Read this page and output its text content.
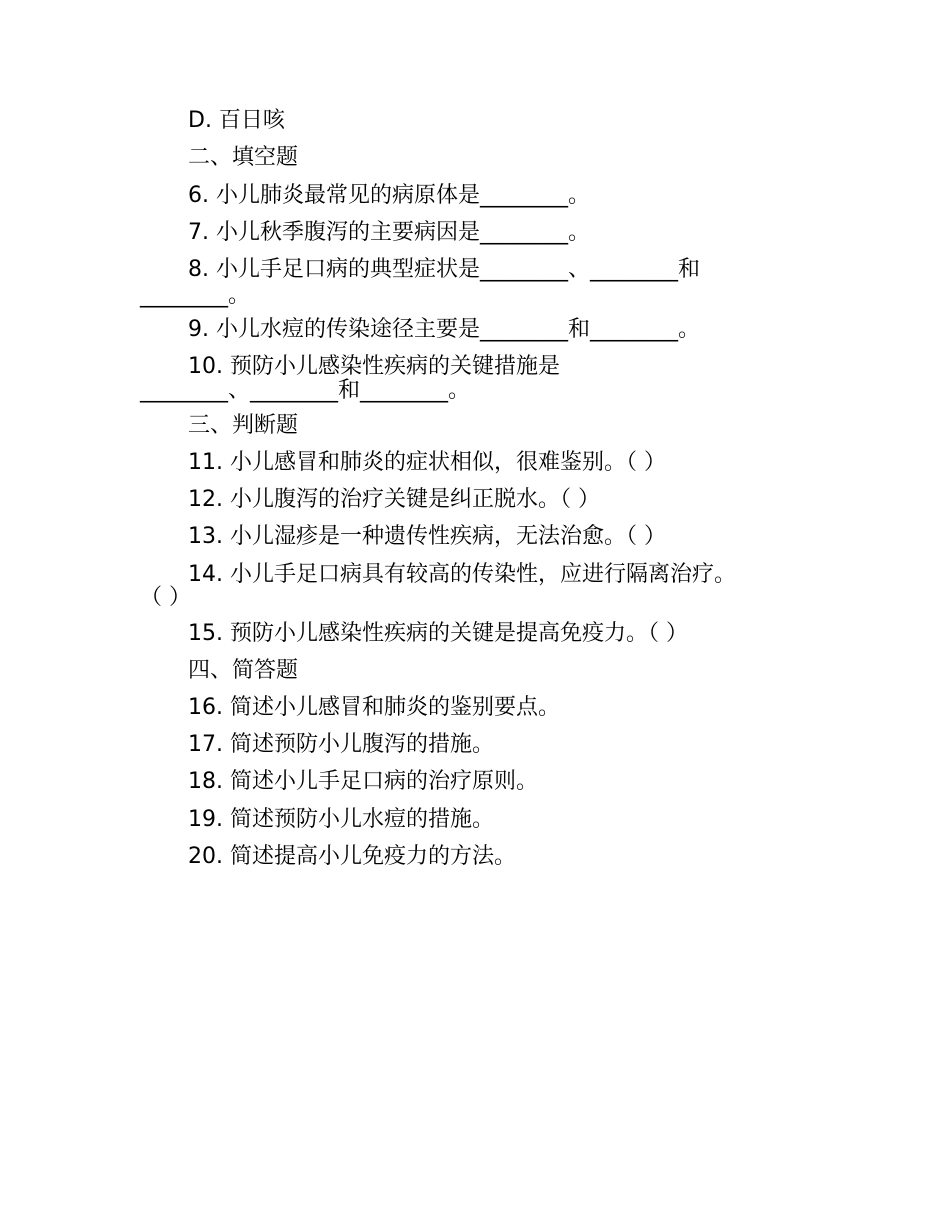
D. 百日咳
二、填空题
6. 小儿肺炎最常见的病原体是________。
7. 小儿秋季腹泻的主要病因是________。
8. 小儿手足口病的典型症状是________、________和
________。
9. 小儿水痘的传染途径主要是________和________。
10. 预防小儿感染性疾病的关键措施是
________、________和________。
三、判断题
11. 小儿感冒和肺炎的症状相似，很难鉴别。（ ）
12. 小儿腹泻的治疗关键是纠正脱水。（ ）
13. 小儿湿疹是一种遗传性疾病，无法治愈。（ ）
14. 小儿手足口病具有较高的传染性，应进行隔离治疗。
（ ）
15. 预防小儿感染性疾病的关键是提高免疫力。（ ）
四、简答题
16. 简述小儿感冒和肺炎的鉴别要点。
17. 简述预防小儿腹泻的措施。
18. 简述小儿手足口病的治疗原则。
19. 简述预防小儿水痘的措施。
20. 简述提高小儿免疫力的方法。
